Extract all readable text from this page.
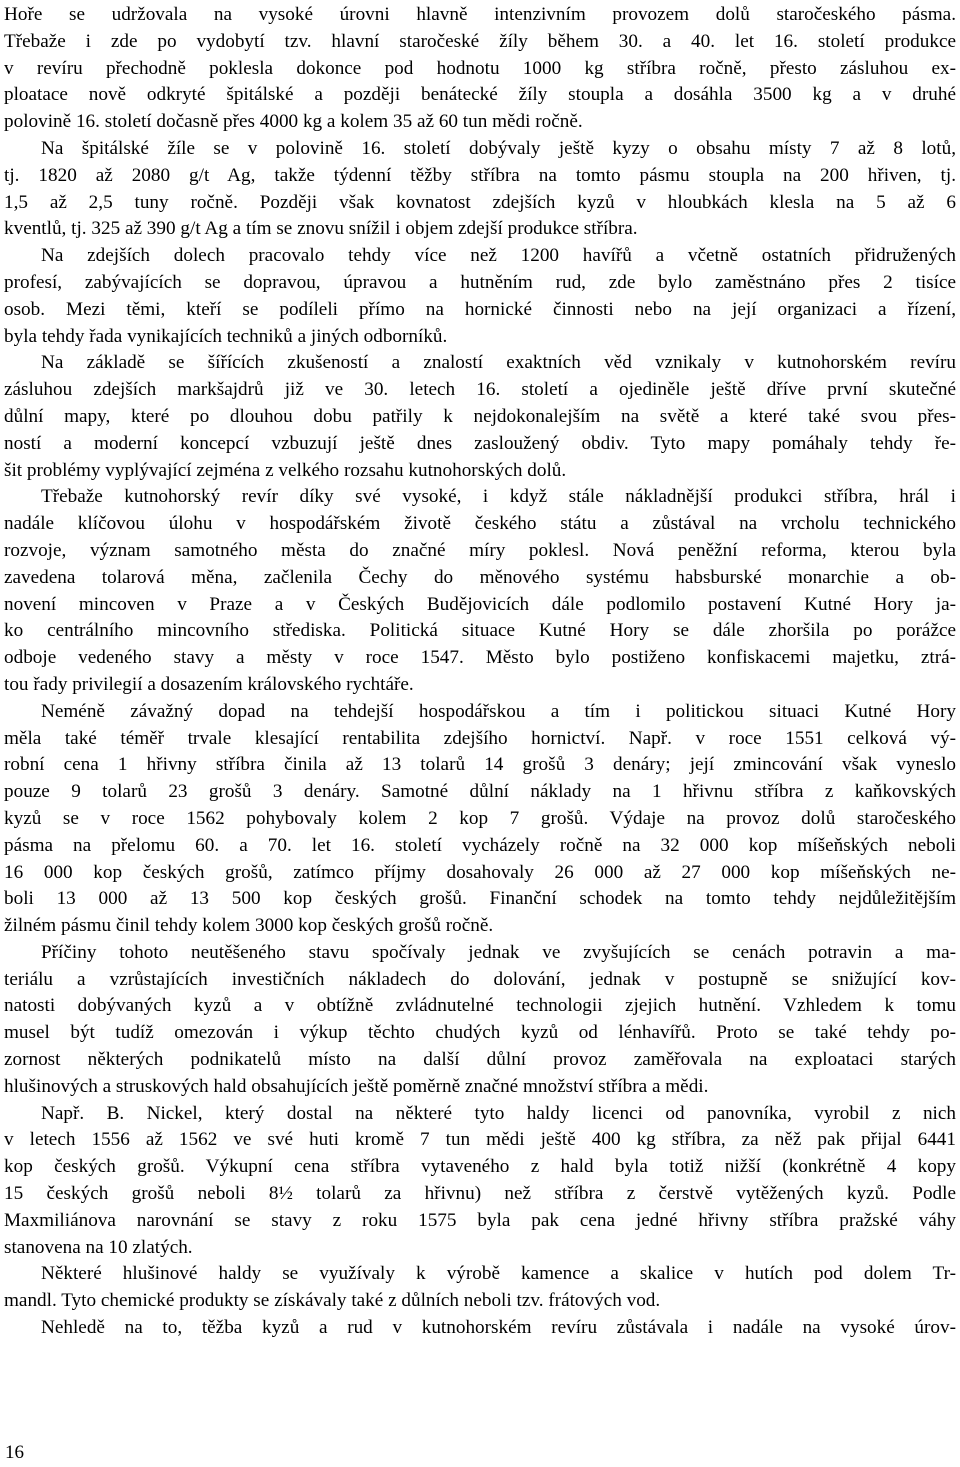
Hoře se udržovala na vysoké úrovni hlavně intenzivním provozem dolů staročeského pásma.
Třebaže i zde po vydobytí tzv. hlavní staročeské žíly během 30. a 40. let 16. století produkce
v revíru přechodně poklesla dokonce pod hodnotu 1000 kg stříbra ročně, přesto zásluhou ex-
ploatace nově odkryté špitálské a později benátecké žíly stoupla a dosáhla 3500 kg a v druhé
polovině 16. století dočasně přes 4000 kg a kolem 35 až 60 tun mědi ročně.
Na špitálské žíle se v polovině 16. století dobývaly ještě kyzy o obsahu místy 7 až 8 lotů,
tj. 1820 až 2080 g/t Ag, takže týdenní těžby stříbra na tomto pásmu stoupla na 200 hřiven, tj.
1,5 až 2,5 tuny ročně. Později však kovnatost zdejších kyzů v hloubkách klesla na 5 až 6
kventlů, tj. 325 až 390 g/t Ag a tím se znovu snížil i objem zdejší produkce stříbra.
Na zdejších dolech pracovalo tehdy více než 1200 havířů a včetně ostatních přidružených
profesí, zabývajících se dopravou, úpravou a hutněním rud, zde bylo zaměstnáno přes 2 tisíce
osob. Mezi těmi, kteří se podíleli přímo na hornické činnosti nebo na její organizaci a řízení,
byla tehdy řada vynikajících techniků a jiných odborníků.
Na základě se šířících zkušeností a znalostí exaktních věd vznikaly v kutnohorském revíru
zásluhou zdejších markšajdrů již ve 30. letech 16. století a ojediněle ještě dříve první skutečné
důlní mapy, které po dlouhou dobu patřily k nejdokonalejším na světě a které také svou přes-
ností a moderní koncepcí vzbuzují ještě dnes zasloužený obdiv. Tyto mapy pomáhaly tehdy ře-
šit problémy vyplývající zejména z velkého rozsahu kutnohorských dolů.
Třebaže kutnohorský revír díky své vysoké, i když stále nákladnější produkci stříbra, hrál i
nadále klíčovou úlohu v hospodářském životě českého státu a zůstával na vrcholu technického
rozvoje, význam samotného města do značné míry poklesl. Nová peněžní reforma, kterou byla
zavedena tolarová měna, začlenila Čechy do měnového systému habsburské monarchie a ob-
novení mincoven v Praze a v Českých Budějovicích dále podlomilo postavení Kutné Hory ja-
ko centrálního mincovního střediska. Politická situace Kutné Hory se dále zhoršila po porážce
odboje vedeného stavy a městy v roce 1547. Město bylo postiženo konfiskacemi majetku, ztrá-
tou řady privilegií a dosazením královského rychtáře.
Neméně závažný dopad na tehdejší hospodářskou a tím i politickou situaci Kutné Hory
měla také téměř trvale klesající rentabilita zdejšího hornictví. Např. v roce 1551 celková vý-
robní cena 1 hřivny stříbra činila až 13 tolarů 14 grošů 3 denáry; její zmincování však vyneslo
pouze 9 tolarů 23 grošů 3 denáry. Samotné důlní náklady na 1 hřivnu stříbra z kaňkovských
kyzů se v roce 1562 pohybovaly kolem 2 kop 7 grošů. Výdaje na provoz dolů staročeského
pásma na přelomu 60. a 70. let 16. století vycházely ročně na 32 000 kop míšeňských neboli
16 000 kop českých grošů, zatímco příjmy dosahovaly 26 000 až 27 000 kop míšeňských ne-
boli 13 000 až 13 500 kop českých grošů. Finanční schodek na tomto tehdy nejdůležitějším
žilném pásmu činil tehdy kolem 3000 kop českých grošů ročně.
Příčiny tohoto neutěšeného stavu spočívaly jednak ve zvyšujících se cenách potravin a ma-
teriálu a vzrůstajících investičních nákladech do dolování, jednak v postupně se snižující kov-
natosti dobývaných kyzů a v obtížně zvládnutelné technologii zjejich hutnění. Vzhledem k tomu
musel být tudíž omezován i výkup těchto chudých kyzů od lénhavířů. Proto se také tehdy po-
zornost některých podnikatelů místo na další důlní provoz zaměřovala na exploataci starých
hlušinových a struskových hald obsahujících ještě poměrně značné množství stříbra a mědi.
Např. B. Nickel, který dostal na některé tyto haldy licenci od panovníka, vyrobil z nich
v letech 1556 až 1562 ve své huti kromě 7 tun mědi ještě 400 kg stříbra, za něž pak přijal 6441
kop českých grošů. Výkupní cena stříbra vytaveného z hald byla totiž nižší (konkrétně 4 kopy
15 českých grošů neboli 8½ tolarů za hřivnu) než stříbra z čerstvě vytěžených kyzů. Podle
Maxmiliánova narovnání se stavy z roku 1575 byla pak cena jedné hřivny stříbra pražské váhy
stanovena na 10 zlatých.
Některé hlušinové haldy se využívaly k výrobě kamence a skalice v hutích pod dolem Tr-
mandl. Tyto chemické produkty se získávaly také z důlních neboli tzv. frátových vod.
Nehledě na to, těžba kyzů a rud v kutnohorském revíru zůstávala i nadále na vysoké úrov-
16
